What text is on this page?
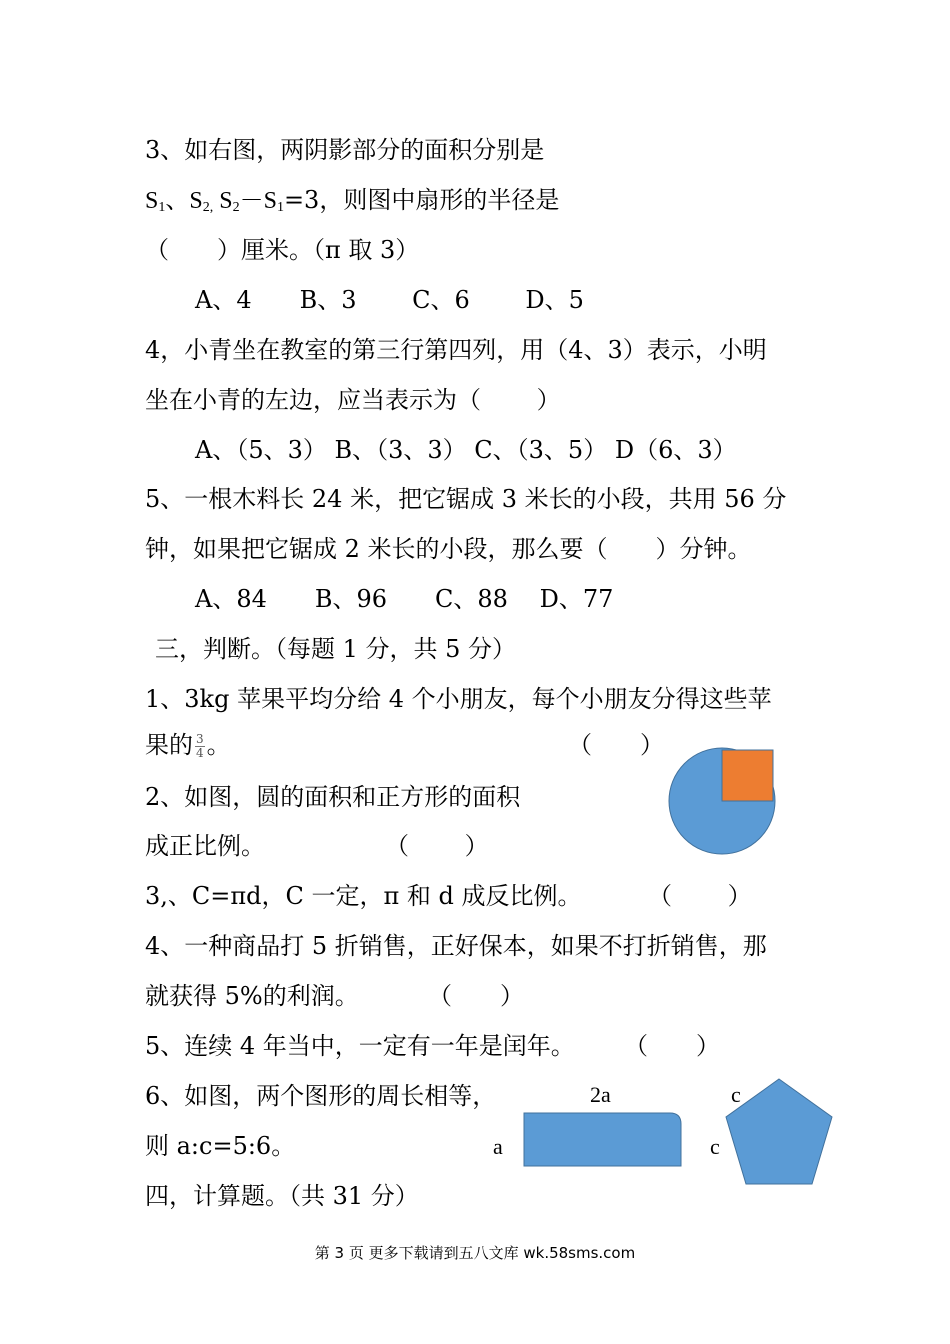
3、如右图，两阴影部分的面积分别是
$S_1$、$S_{2,}$ $S_2-S_1=3$，则图中扇形的半径是
（　　）厘米。（π 取 3）
A、4　　B、3　　 C、6　　 D、5
4，小青坐在教室的第三行第四列，用（4、3）表示，小明
坐在小青的左边，应当表示为（　　 ）
A、（5、3） B、（3、3） C、（3、5） D（6、3）
5、一根木料长 24 米，把它锯成 3 米长的小段，共用 56 分
钟，如果把它锯成 2 米长的小段，那么要（　　）分钟。
A、84　　B、96　　C、88　 D、77
三，判断。（每题 1 分，共 5 分）
1、3kg 苹果平均分给 4 个小朋友，每个小朋友分得这些苹
果的 $\frac{3}{4}$ 。	（　　）
2、如图，圆的面积和正方形的面积
成正比例。	（　　 ）
3,、C=πd，C 一定，π 和 d 成反比例。	（　　 ）
4、一种商品打 5 折销售，正好保本，如果不打折销售，那
就获得 5%的利润。	（　　）
5、连续 4 年当中，一定有一年是闰年。 （　　）
6、如图，两个图形的周长相等，
则 a:c=5:6。
2a
a
c
c
四，计算题。（共 31 分）
第 3 页 更多下载请到五八文库 wk.58sms.com
